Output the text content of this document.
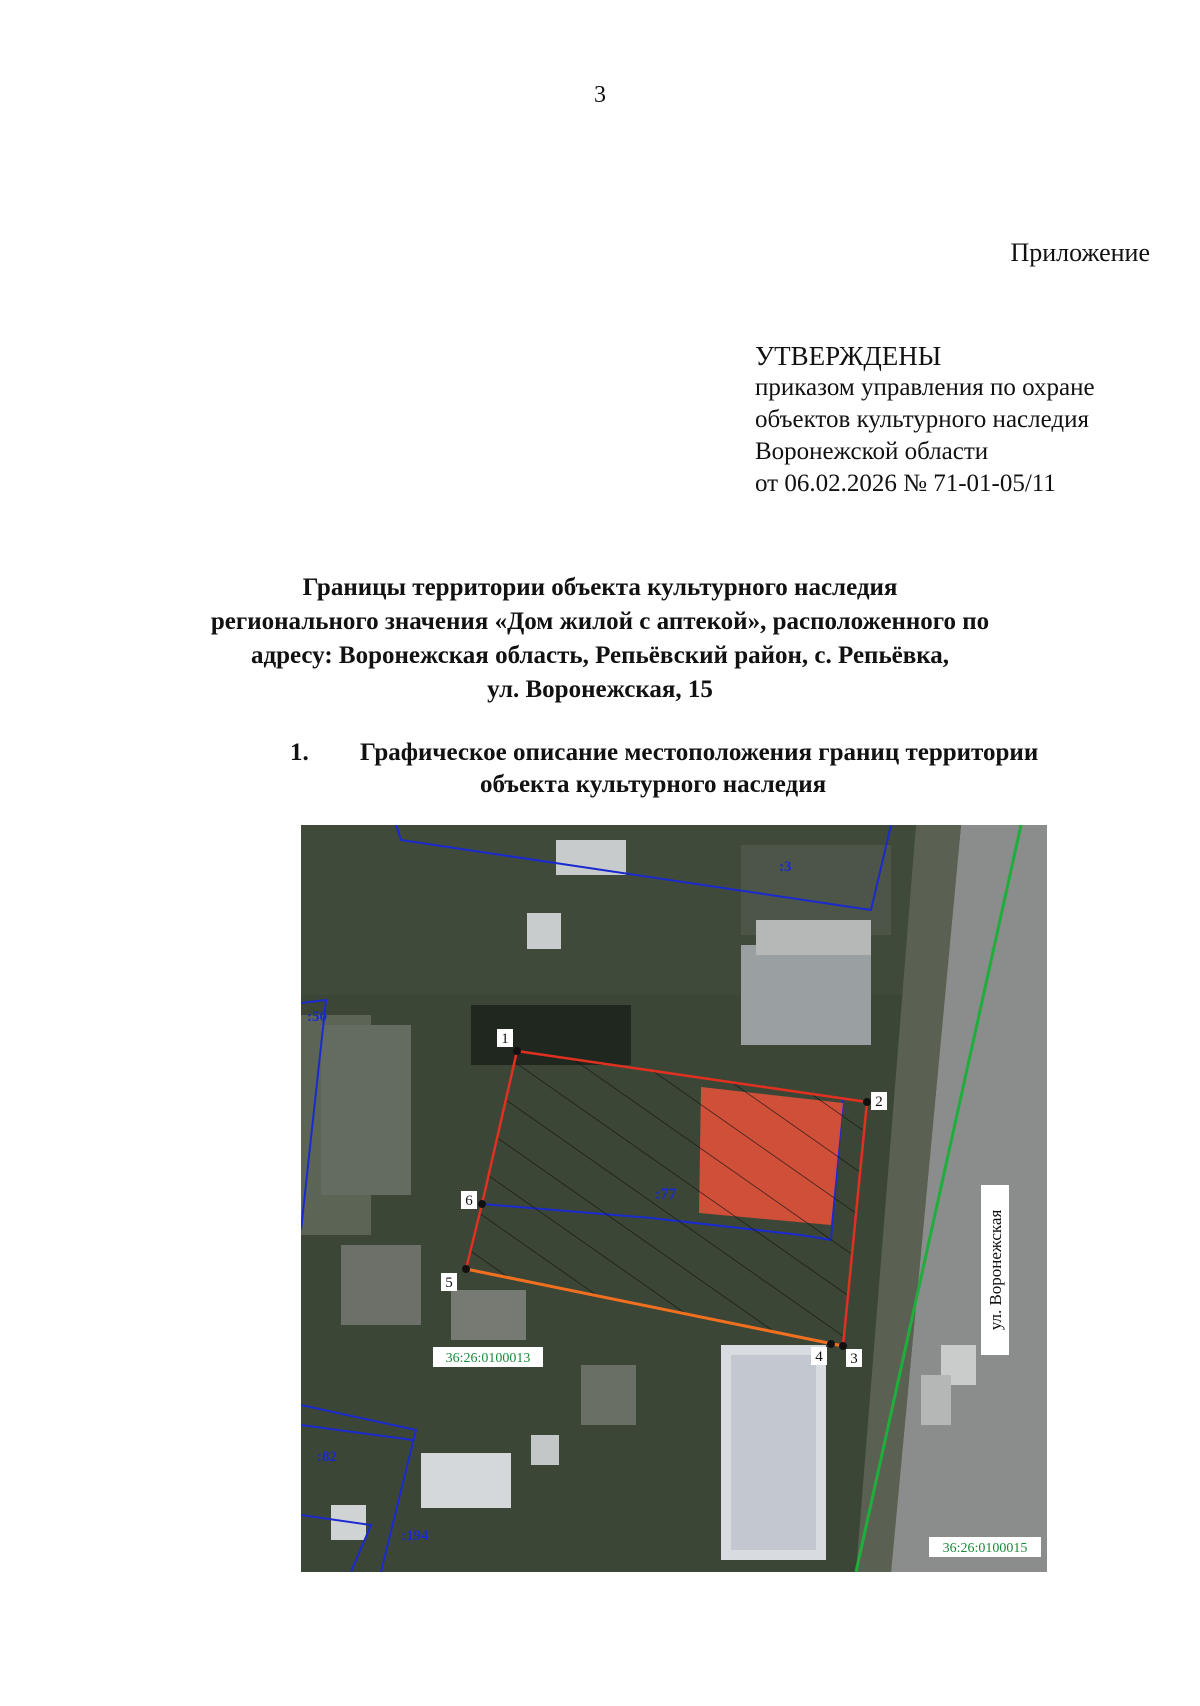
3
Приложение
УТВЕРЖДЕНЫ
приказом управления по охране
объектов культурного наследия
Воронежской области
от 06.02.2026 № 71-01-05/11
Границы территории объекта культурного наследия
регионального значения «Дом жилой с аптекой», расположенного по
адресу: Воронежская область, Репьёвский район, с. Репьёвка,
ул. Воронежская, 15
1. Графическое описание местоположения границ территории
объекта культурного наследия
1
2
3
4
5
6
:3
:50
:77
:82
:194
36:26:0100013
36:26:0100015
ул. Воронежская
